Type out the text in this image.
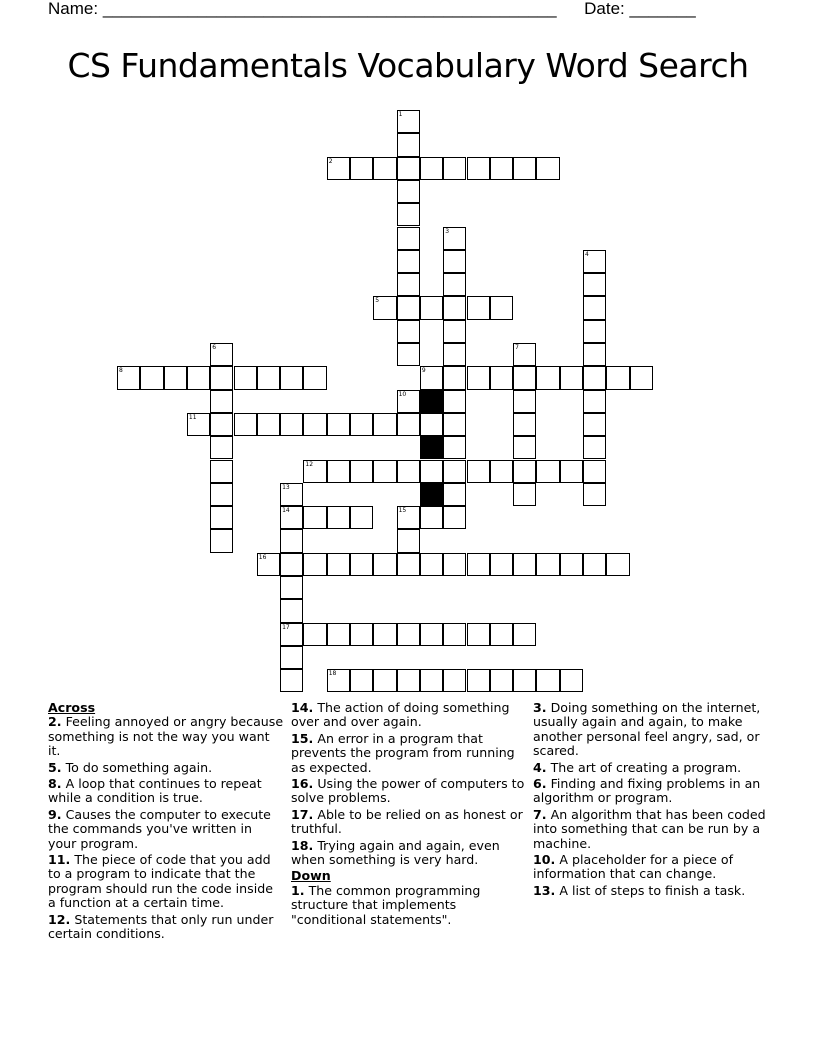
Name: ________________________________________________ Date: _______
CS Fundamentals Vocabulary Word Search
1
2
3
4
5
6	7
8	9
10
11
12
13
14
17
15
16
18
Across
2. Feeling annoyed or angry because something is not the way you want it.
5. To do something again.
8. A loop that continues to repeat while a condition is true.
9. Causes the computer to execute the commands you've written in your program.
11. The piece of code that you add to a program to indicate that the program should run the code inside a function at a certain time.
12. Statements that only run under certain conditions.
14. The action of doing something over and over again.
15. An error in a program that prevents the program from running as expected.
16. Using the power of computers to solve problems.
17. Able to be relied on as honest or truthful.
18. Trying again and again, even when something is very hard.
Down
1. The common programming structure that implements "conditional statements".
3. Doing something on the internet, usually again and again, to make another personal feel angry, sad, or scared.
4. The art of creating a program.
6. Finding and fixing problems in an algorithm or program.
7. An algorithm that has been coded into something that can be run by a machine.
10. A placeholder for a piece of information that can change.
13. A list of steps to finish a task.
